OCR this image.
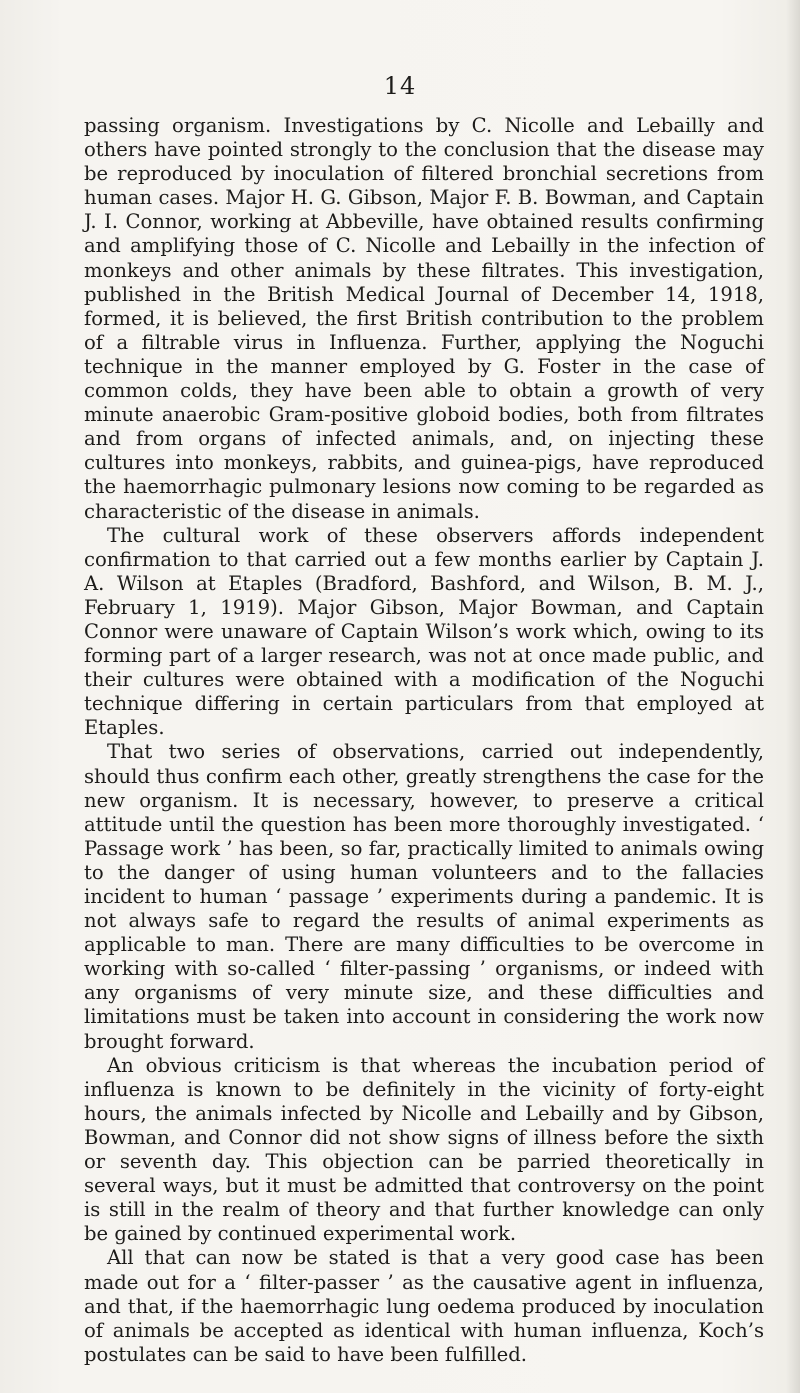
14

passing organism. Investigations by C. Nicolle and Lebailly and others have pointed strongly to the conclusion that the disease may be reproduced by inoculation of filtered bronchial secretions from human cases. Major H. G. Gibson, Major F. B. Bowman, and Captain J. I. Connor, working at Abbeville, have obtained results confirming and amplifying those of C. Nicolle and Lebailly in the infection of monkeys and other animals by these filtrates. This investigation, published in the British Medical Journal of December 14, 1918, formed, it is believed, the first British contribution to the problem of a filtrable virus in Influenza. Further, applying the Noguchi technique in the manner employed by G. Foster in the case of common colds, they have been able to obtain a growth of very minute anaerobic Gram-positive globoid bodies, both from filtrates and from organs of infected animals, and, on injecting these cultures into monkeys, rabbits, and guinea-pigs, have reproduced the haemorrhagic pulmonary lesions now coming to be regarded as characteristic of the disease in animals.

The cultural work of these observers affords independent confirmation to that carried out a few months earlier by Captain J. A. Wilson at Etaples (Bradford, Bashford, and Wilson, B. M. J., February 1, 1919). Major Gibson, Major Bowman, and Captain Connor were unaware of Captain Wilson’s work which, owing to its forming part of a larger research, was not at once made public, and their cultures were obtained with a modification of the Noguchi technique differing in certain particulars from that employed at Etaples.

That two series of observations, carried out independently, should thus confirm each other, greatly strengthens the case for the new organism. It is necessary, however, to preserve a critical attitude until the question has been more thoroughly investigated. ‘ Passage work ’ has been, so far, practically limited to animals owing to the danger of using human volunteers and to the fallacies incident to human ‘ passage ’ experiments during a pandemic. It is not always safe to regard the results of animal experiments as applicable to man. There are many difficulties to be overcome in working with so-called ‘ filter-passing ’ organisms, or indeed with any organisms of very minute size, and these difficulties and limitations must be taken into account in considering the work now brought forward.

An obvious criticism is that whereas the incubation period of influenza is known to be definitely in the vicinity of forty-eight hours, the animals infected by Nicolle and Lebailly and by Gibson, Bowman, and Connor did not show signs of illness before the sixth or seventh day. This objection can be parried theoretically in several ways, but it must be admitted that controversy on the point is still in the realm of theory and that further knowledge can only be gained by continued experimental work.

All that can now be stated is that a very good case has been made out for a ‘ filter-passer ’ as the causative agent in influenza, and that, if the haemorrhagic lung oedema produced by inoculation of animals be accepted as identical with human influenza, Koch’s postulates can be said to have been fulfilled.
